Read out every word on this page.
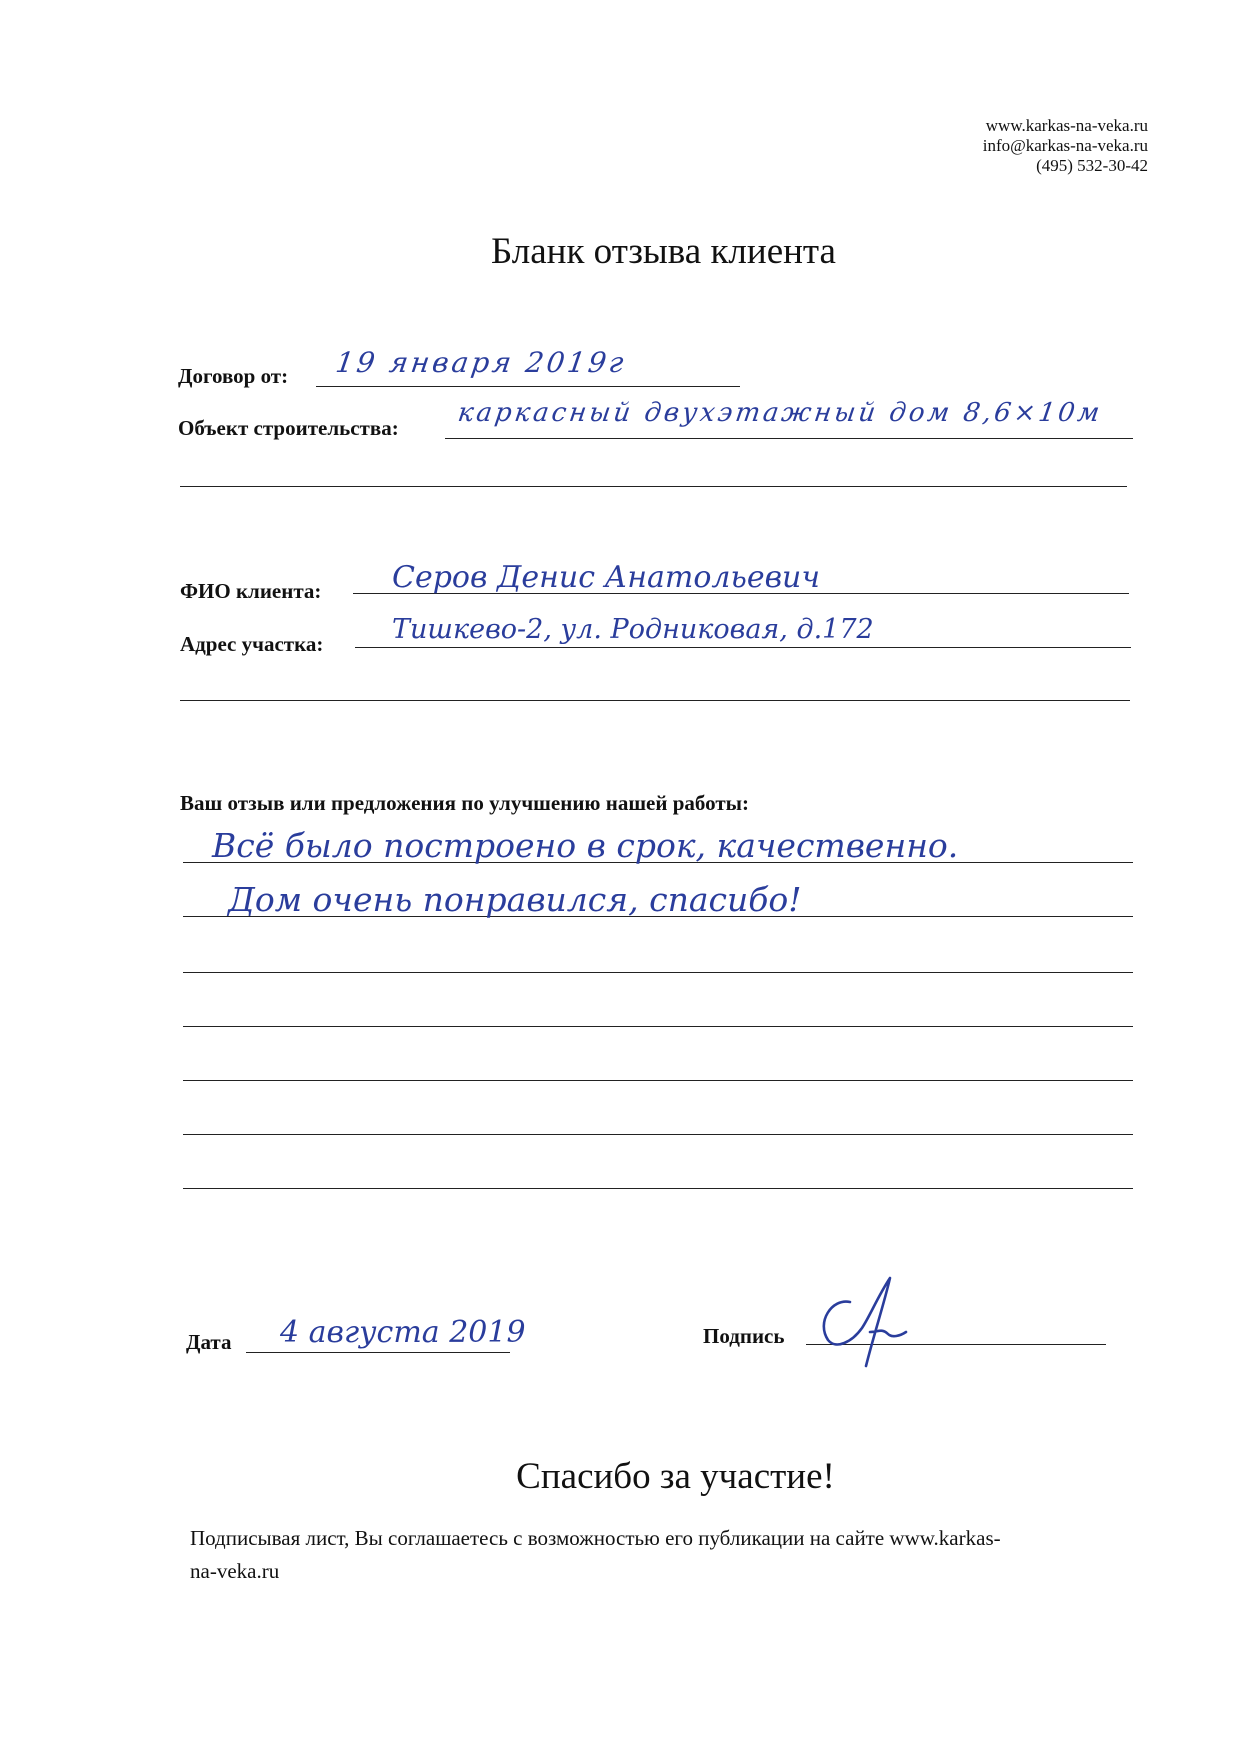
www.karkas-na-veka.ru
info@karkas-na-veka.ru
(495) 532-30-42
Бланк отзыва клиента
Договор от: 19 января 2019г
Объект строительства: каркасный двухэтажный дом 8,6×10м
ФИО клиента: Серов Денис Анатольевич
Адрес участка:	Тишкево-2, ул. Родниковая, д.172
Ваш отзыв или предложения по улучшению нашей работы:
Всё было построено в срок, качественно.
Дом очень понравился, спасибо!
Дата 4 августа 2019	Подпись
Спасибо за участие!
Подписывая лист, Вы соглашаетесь с возможностью его публикации на сайте www.karkas-
na-veka.ru
